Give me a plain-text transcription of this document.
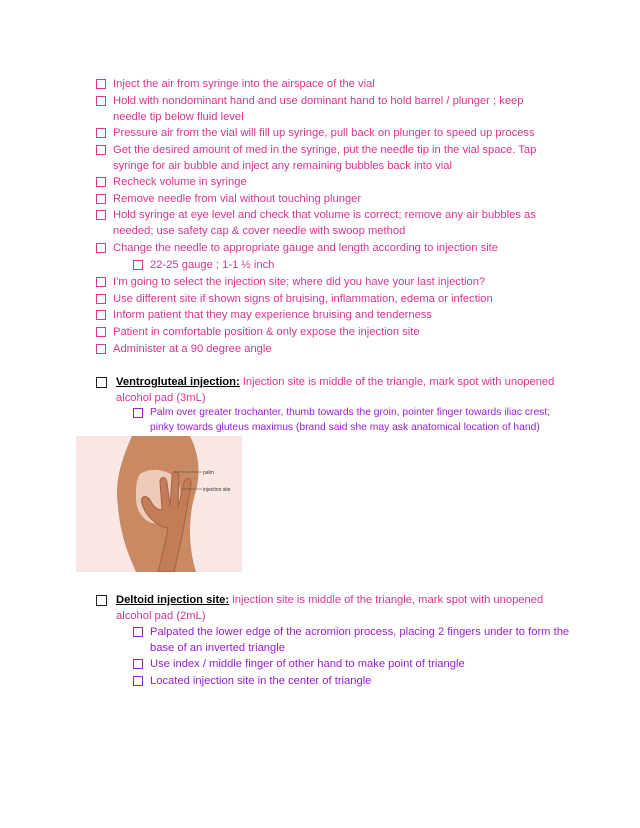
Inject the air from syringe into the airspace of the vial
Hold with nondominant hand and use dominant hand to hold barrel / plunger ; keep needle tip below fluid level
Pressure air from the vial will fill up syringe, pull back on plunger to speed up process
Get the desired amount of med in the syringe, put the needle tip in the vial space. Tap syringe for air bubble and inject any remaining bubbles back into vial
Recheck volume in syringe
Remove needle from vial without touching plunger
Hold syringe at eye level and check that volume is correct; remove any air bubbles as needed; use safety cap & cover needle with swoop method
Change the needle to appropriate gauge and length according to injection site
22-25 gauge ; 1-1 ½ inch
I'm going to select the injection site; where did you have your last injection?
Use different site if shown signs of bruising, inflammation, edema or infection
Inform patient that they may experience bruising and tenderness
Patient in comfortable position & only expose the injection site
Administer at a 90 degree angle
Ventrogluteal injection: Injection site is middle of the triangle, mark spot with unopened alcohol pad (3mL)
Palm over greater trochanter, thumb towards the groin, pointer finger towards iliac crest; pinky towards gluteus maximus (brand said she may ask anatomical location of hand)
palm
injection site
Deltoid injection site: injection site is middle of the triangle, mark spot with unopened alcohol pad (2mL)
Palpated the lower edge of the acromion process, placing 2 fingers under to form the base of an inverted triangle
Use index / middle finger of other hand to make point of triangle
Located injection site in the center of triangle
